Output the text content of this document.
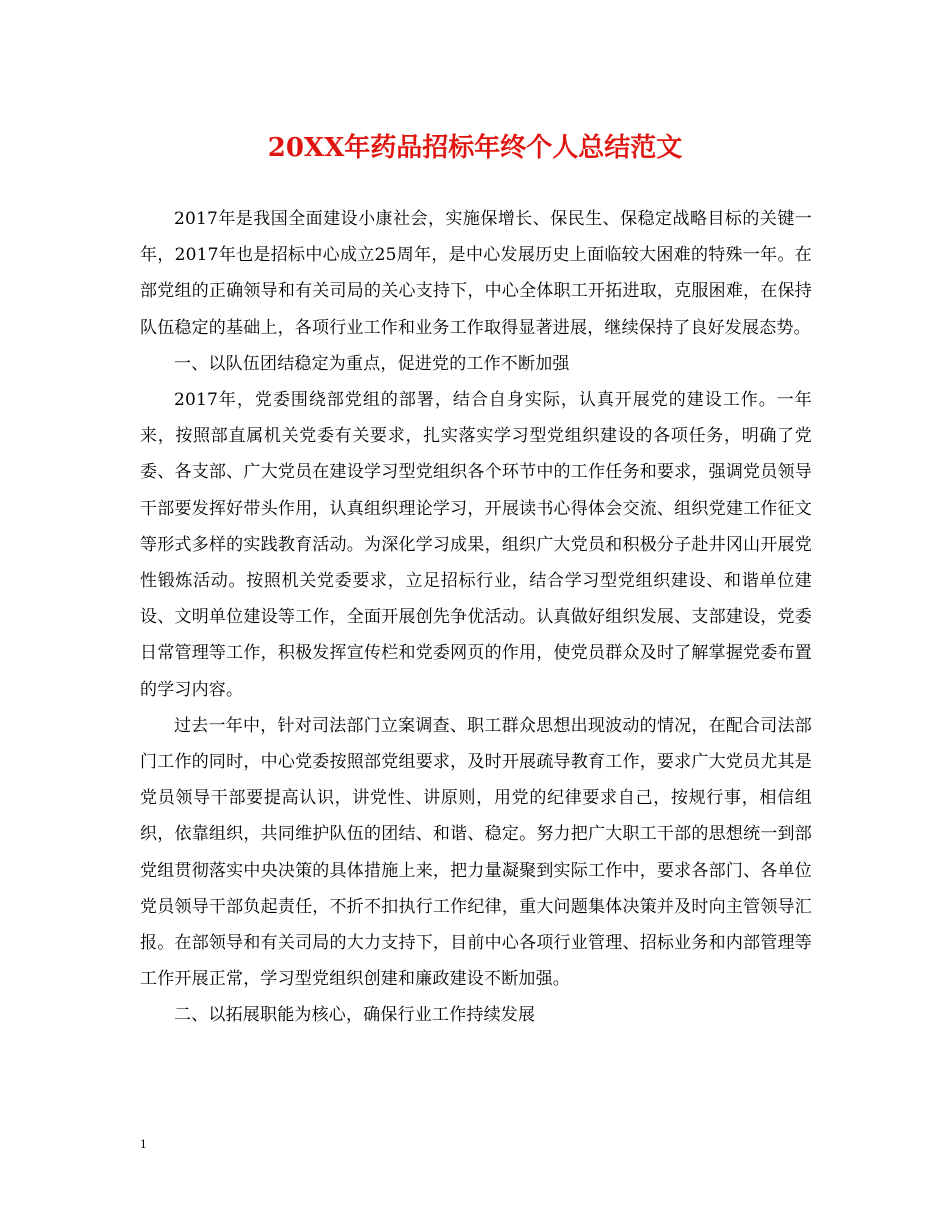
20XX年药品招标年终个人总结范文

2017年是我国全面建设小康社会，实施保增长、保民生、保稳定战略目标的关键一年，2017年也是招标中心成立25周年，是中心发展历史上面临较大困难的特殊一年。在部党组的正确领导和有关司局的关心支持下，中心全体职工开拓进取，克服困难，在保持队伍稳定的基础上，各项行业工作和业务工作取得显著进展，继续保持了良好发展态势。

一、以队伍团结稳定为重点，促进党的工作不断加强

2017年，党委围绕部党组的部署，结合自身实际，认真开展党的建设工作。一年来，按照部直属机关党委有关要求，扎实落实学习型党组织建设的各项任务，明确了党委、各支部、广大党员在建设学习型党组织各个环节中的工作任务和要求，强调党员领导干部要发挥好带头作用，认真组织理论学习，开展读书心得体会交流、组织党建工作征文等形式多样的实践教育活动。为深化学习成果，组织广大党员和积极分子赴井冈山开展党性锻炼活动。按照机关党委要求，立足招标行业，结合学习型党组织建设、和谐单位建设、文明单位建设等工作，全面开展创先争优活动。认真做好组织发展、支部建设，党委日常管理等工作，积极发挥宣传栏和党委网页的作用，使党员群众及时了解掌握党委布置的学习内容。

过去一年中，针对司法部门立案调查、职工群众思想出现波动的情况，在配合司法部门工作的同时，中心党委按照部党组要求，及时开展疏导教育工作，要求广大党员尤其是党员领导干部要提高认识，讲党性、讲原则，用党的纪律要求自己，按规行事，相信组织，依靠组织，共同维护队伍的团结、和谐、稳定。努力把广大职工干部的思想统一到部党组贯彻落实中央决策的具体措施上来，把力量凝聚到实际工作中，要求各部门、各单位党员领导干部负起责任，不折不扣执行工作纪律，重大问题集体决策并及时向主管领导汇报。在部领导和有关司局的大力支持下，目前中心各项行业管理、招标业务和内部管理等工作开展正常，学习型党组织创建和廉政建设不断加强。

二、以拓展职能为核心，确保行业工作持续发展

1
